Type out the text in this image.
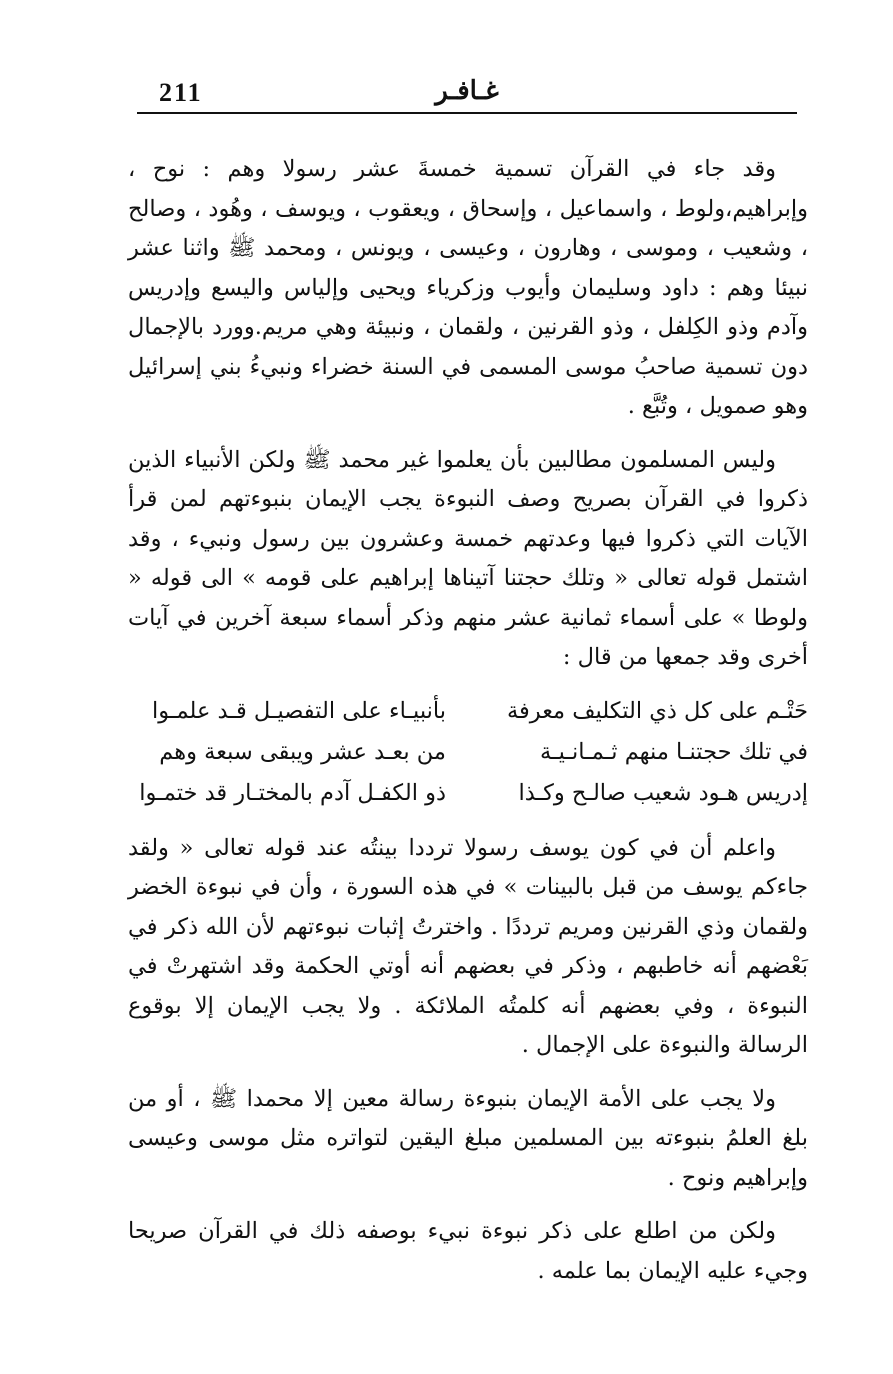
211	غـافـر

وقد جاء في القرآن تسمية خمسةَ عشر رسولا وهم : نوح ، وإبراهيم،ولوط ، واسماعيل ، وإسحاق ، ويعقوب ، ويوسف ، وهُود ، وصالح ، وشعيب ، وموسى ، وهارون ، وعيسى ، ويونس ، ومحمد ﷺ واثنا عشر نبيئا وهم : داود وسليمان وأيوب وزكرياء ويحيى وإلياس واليسع وإدريس وآدم وذو الكِلفل ، وذو القرنين ، ولقمان ، ونبيئة وهي مريم.وورد بالإجمال دون تسمية صاحبُ موسى المسمى في السنة خضراء ونبيءُ بني إسرائيل وهو صمويل ، وتُبَّع .

وليس المسلمون مطالبين بأن يعلموا غير محمد ﷺ ولكن الأنبياء الذين ذكروا في القرآن بصريح وصف النبوءة يجب الإيمان بنبوءتهم لمن قرأ الآيات التي ذكروا فيها وعدتهم خمسة وعشرون بين رسول ونبيء ، وقد اشتمل قوله تعالى « وتلك حجتنا آتيناها إبراهيم على قومه » الى قوله « ولوطا » على أسماء ثمانية عشر منهم وذكر أسماء سبعة آخرين في آيات أخرى وقد جمعها من قال :

حَتْـم على كل ذي التكليف معرفة
بأنبيـاء على التفصيـل قـد علمـوا
في تلك حجتنـا منهم ثـمـانـيـة
من بعـد عشر ويبقى سبعة وهم
إدريس هـود شعيب صالـح وكـذا
ذو الكفـل آدم بالمختـار قد ختمـوا

واعلم أن في كون يوسف رسولا ترددا بينتُه عند قوله تعالى « ولقد جاءكم يوسف من قبل بالبينات » في هذه السورة ، وأن في نبوءة الخضر ولقمان وذي القرنين ومريم ترددًا . واخترتُ إثبات نبوءتهم لأن الله ذكر في بَعْضهم أنه خاطبهم ، وذكر في بعضهم أنه أوتي الحكمة وقد اشتهرتْ في النبوءة ، وفي بعضهم أنه كلمتُه الملائكة . ولا يجب الإيمان إلا بوقوع الرسالة والنبوءة على الإجمال .

ولا يجب على الأمة الإيمان بنبوءة رسالة معين إلا محمدا ﷺ ، أو من بلغ العلمُ بنبوءته بين المسلمين مبلغ اليقين لتواتره مثل موسى وعيسى وإبراهيم ونوح .

ولكن من اطلع على ذكر نبوءة نبيء بوصفه ذلك في القرآن صريحا وجيء عليه الإيمان بما علمه .
